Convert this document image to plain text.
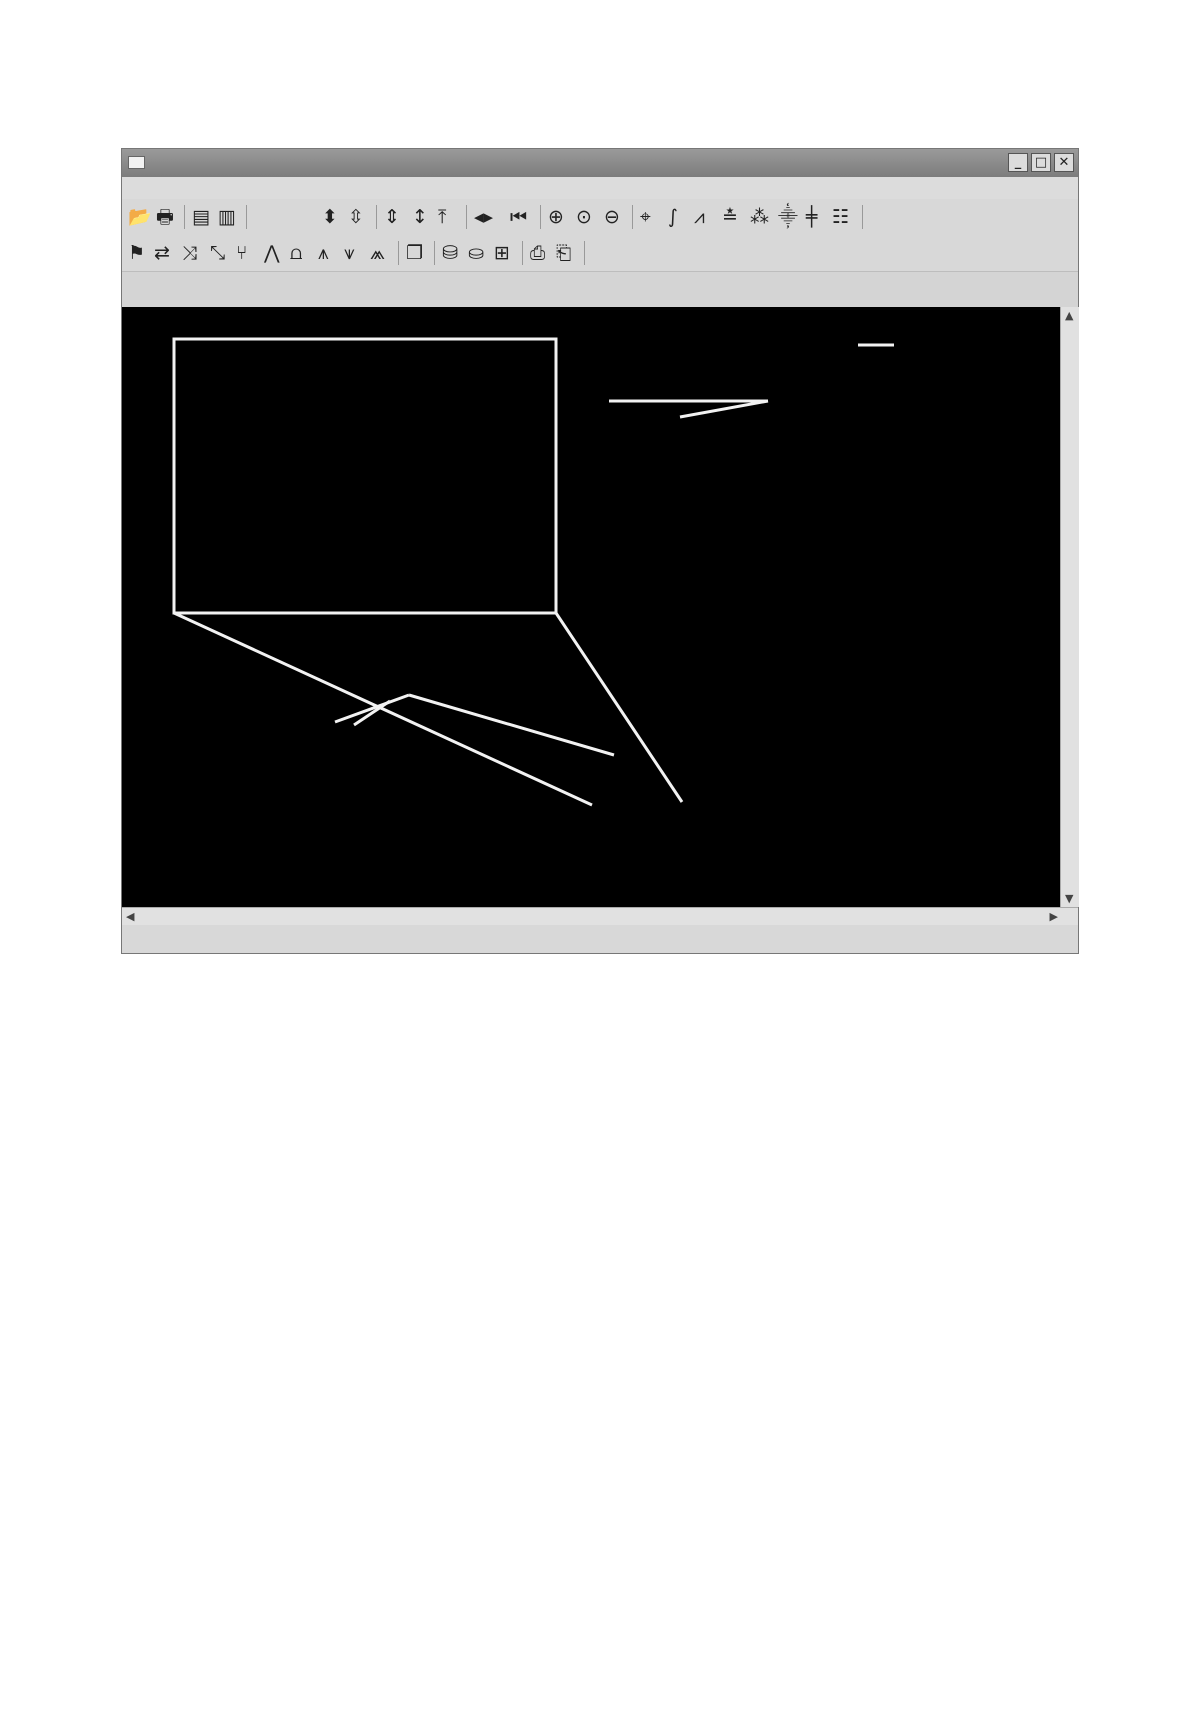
_	□ ✕
📂 🖶 ▤ ▥	⬍ ⇳ ⇕ ↕ ⤒ ◂▸ ⏮ ⊕ ⊙ ⊖ ⌖ ∫ ⩘ ≛ ⁂ ⸎ ╪ ☷
⚑ ⇄ ⤨ ⤡ ⑂ ⋀ ⩍ ⩚ ⩛ ⩕ ❐ ⛁ ⛀ ⊞ ⎙ ⎗
▲
▼
◀	▶
